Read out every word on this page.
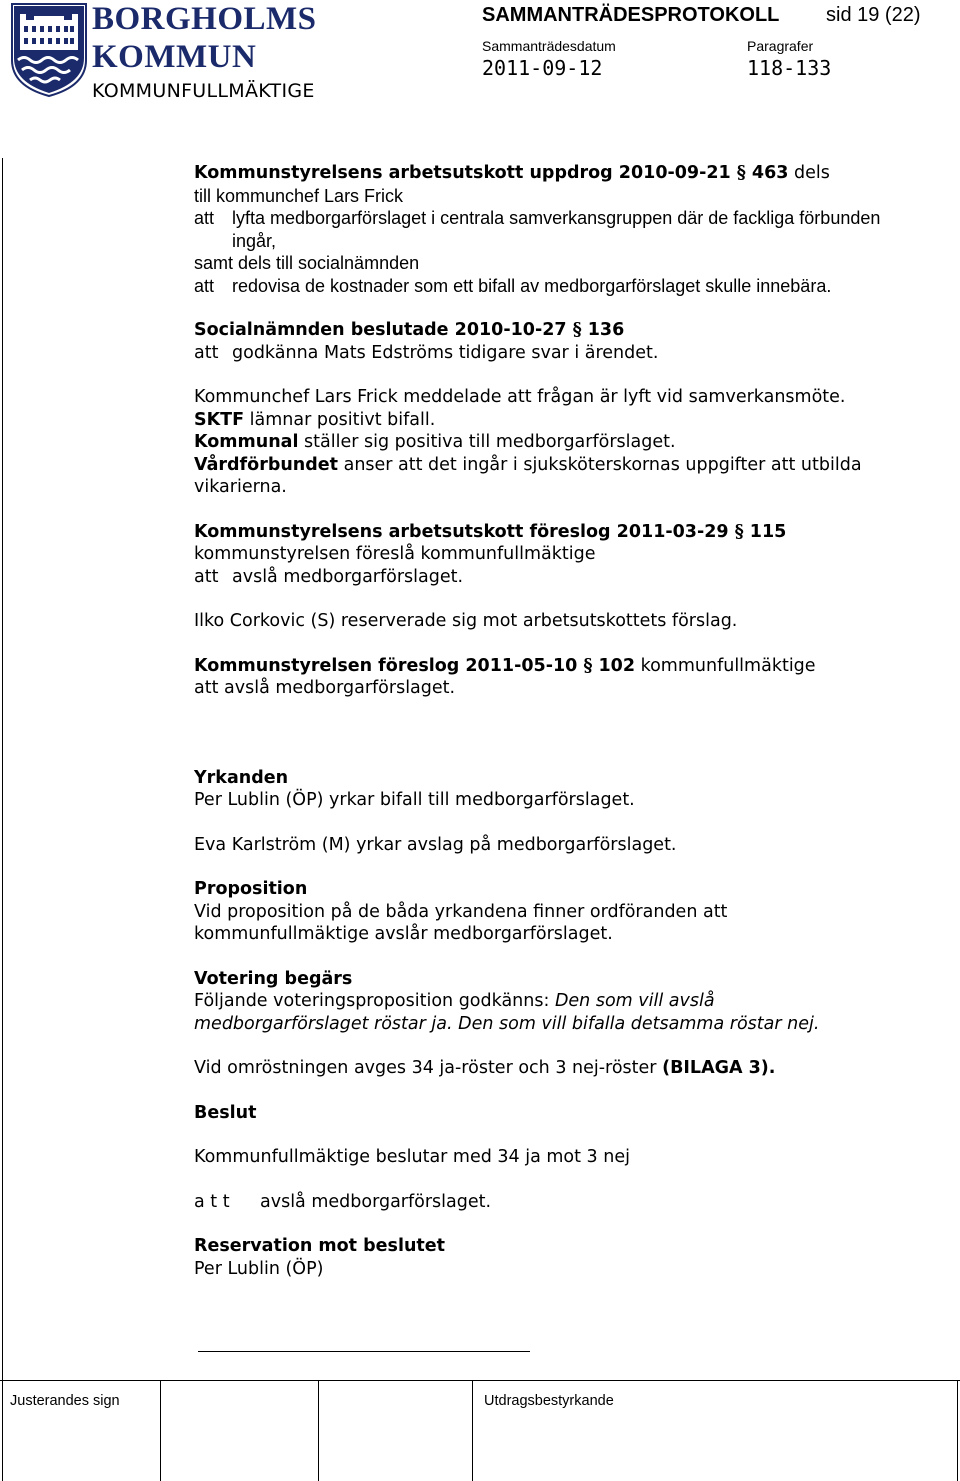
BORGHOLMS
KOMMUN
KOMMUNFULLMÄKTIGE
SAMMANTRÄDESPROTOKOLL sid 19 (22)
Sammanträdesdatum	Paragrafer
2011-09-12	118-133

Kommunstyrelsens arbetsutskott uppdrog 2010-09-21 § 463 dels

till kommunchef Lars Frick

att lyfta medborgarförslaget i centrala samverkansgruppen där de fackliga förbunden ingår,

samt dels till socialnämnden

att redovisa de kostnader som ett bifall av medborgarförslaget skulle innebära.

Socialnämnden beslutade 2010-10-27 § 136

att godkänna Mats Edströms tidigare svar i ärendet.

Kommunchef Lars Frick meddelade att frågan är lyft vid samverkansmöte.

SKTF lämnar positivt bifall.

Kommunal ställer sig positiva till medborgarförslaget.

Vårdförbundet anser att det ingår i sjuksköterskornas uppgifter att utbilda vikarierna.

Kommunstyrelsens arbetsutskott föreslog 2011-03-29 § 115 kommunstyrelsen föreslå kommunfullmäktige

att avslå medborgarförslaget.

Ilko Corkovic (S) reserverade sig mot arbetsutskottets förslag.

Kommunstyrelsen föreslog 2011-05-10 § 102 kommunfullmäktige

att avslå medborgarförslaget.

Yrkanden

Per Lublin (ÖP) yrkar bifall till medborgarförslaget.

Eva Karlström (M) yrkar avslag på medborgarförslaget.

Proposition

Vid proposition på de båda yrkandena finner ordföranden att kommunfullmäktige avslår medborgarförslaget.

Votering begärs

Följande voteringsproposition godkänns: Den som vill avslå medborgarförslaget röstar ja. Den som vill bifalla detsamma röstar nej.

Vid omröstningen avges 34 ja-röster och 3 nej-röster (BILAGA 3).

Beslut

Kommunfullmäktige beslutar med 34 ja mot 3 nej

a t t avslå medborgarförslaget.

Reservation mot beslutet

Per Lublin (ÖP)

Justerandes sign	Utdragsbestyrkande
